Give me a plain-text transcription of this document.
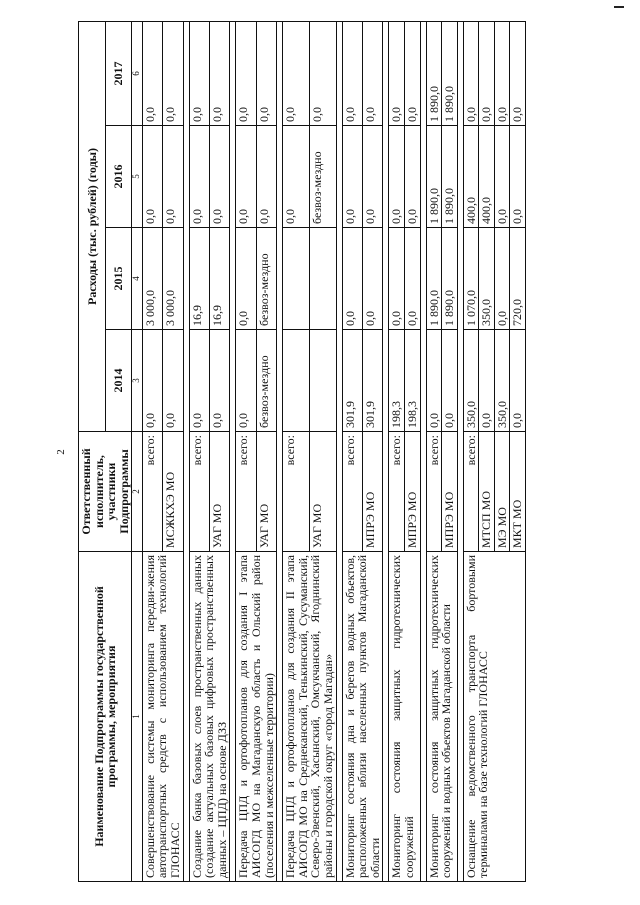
2
Наименование Подпрограммы государственной программы, мероприятия	Ответственный исполнитель, участники Подпрограммы	Расходы (тыс. рублей) (годы)			
		2014	2015	2016	2017
1	2	3	4	5	6
Совершенствование системы мониторинга передви-жения автотранспортных средств с использованием технологий ГЛОНАСС	всего:	0,0	3 000,0	0,0	0,0
	МСЖКХЭ МО	0,0	3 000,0	0,0	0,0

Создание банка базовых слоев пространственных данных (создание актуальных базовых цифровых пространственных данных – ЦПД) на основе ДЗЗ	всего:	0,0	16,9	0,0	0,0
	УАГ МО	0,0	16,9	0,0	0,0

Передача ЦПД и ортофотопланов для создания I этапа АИСОГД МО на Магаданскую область и Ольский район (поселения и межселенные территории)	всего:	0,0	0,0	0,0	0,0
	УАГ МО	безвоз-мездно	безвоз-мездно	0,0	0,0

Передача ЦПД и ортофотопланов для создания II этапа АИСОГД МО на Среднеканский, Тенькинский, Сусуманский, Северо-Эвенский, Хасынский, Омсукчанский, Ягоднинский районы и городской округ «город Магадан»	всего:			0,0	0,0
	УАГ МО			безвоз-мездно	0,0

Мониторинг состояния дна и берегов водных объектов, расположенных вблизи населенных пунктов Магаданской области	всего:	301,9	0,0	0,0	0,0
	МПРЭ МО	301,9	0,0	0,0	0,0

Мониторинг состояния защитных гидротехнических сооружений	всего:	198,3	0,0	0,0	0,0
	МПРЭ МО	198,3	0,0	0,0	0,0

Мониторинг состояния защитных гидротехнических сооружений и водных объектов Магаданской области	всего:	0,0	1 890,0	1 890,0	1 890,0
	МПРЭ МО	0,0	1 890,0	1 890,0	1 890,0

Оснащение ведомственного транспорта бортовыми терминалами на базе технологий ГЛОНАСС	всего:	350,0	1 070,0	400,0	0,0
	МТСП МО	0,0	350,0	400,0	0,0
	МЭ МО	350,0	0,0	0,0	0,0
	МКТ МО	0,0	720,0	0,0	0,0
